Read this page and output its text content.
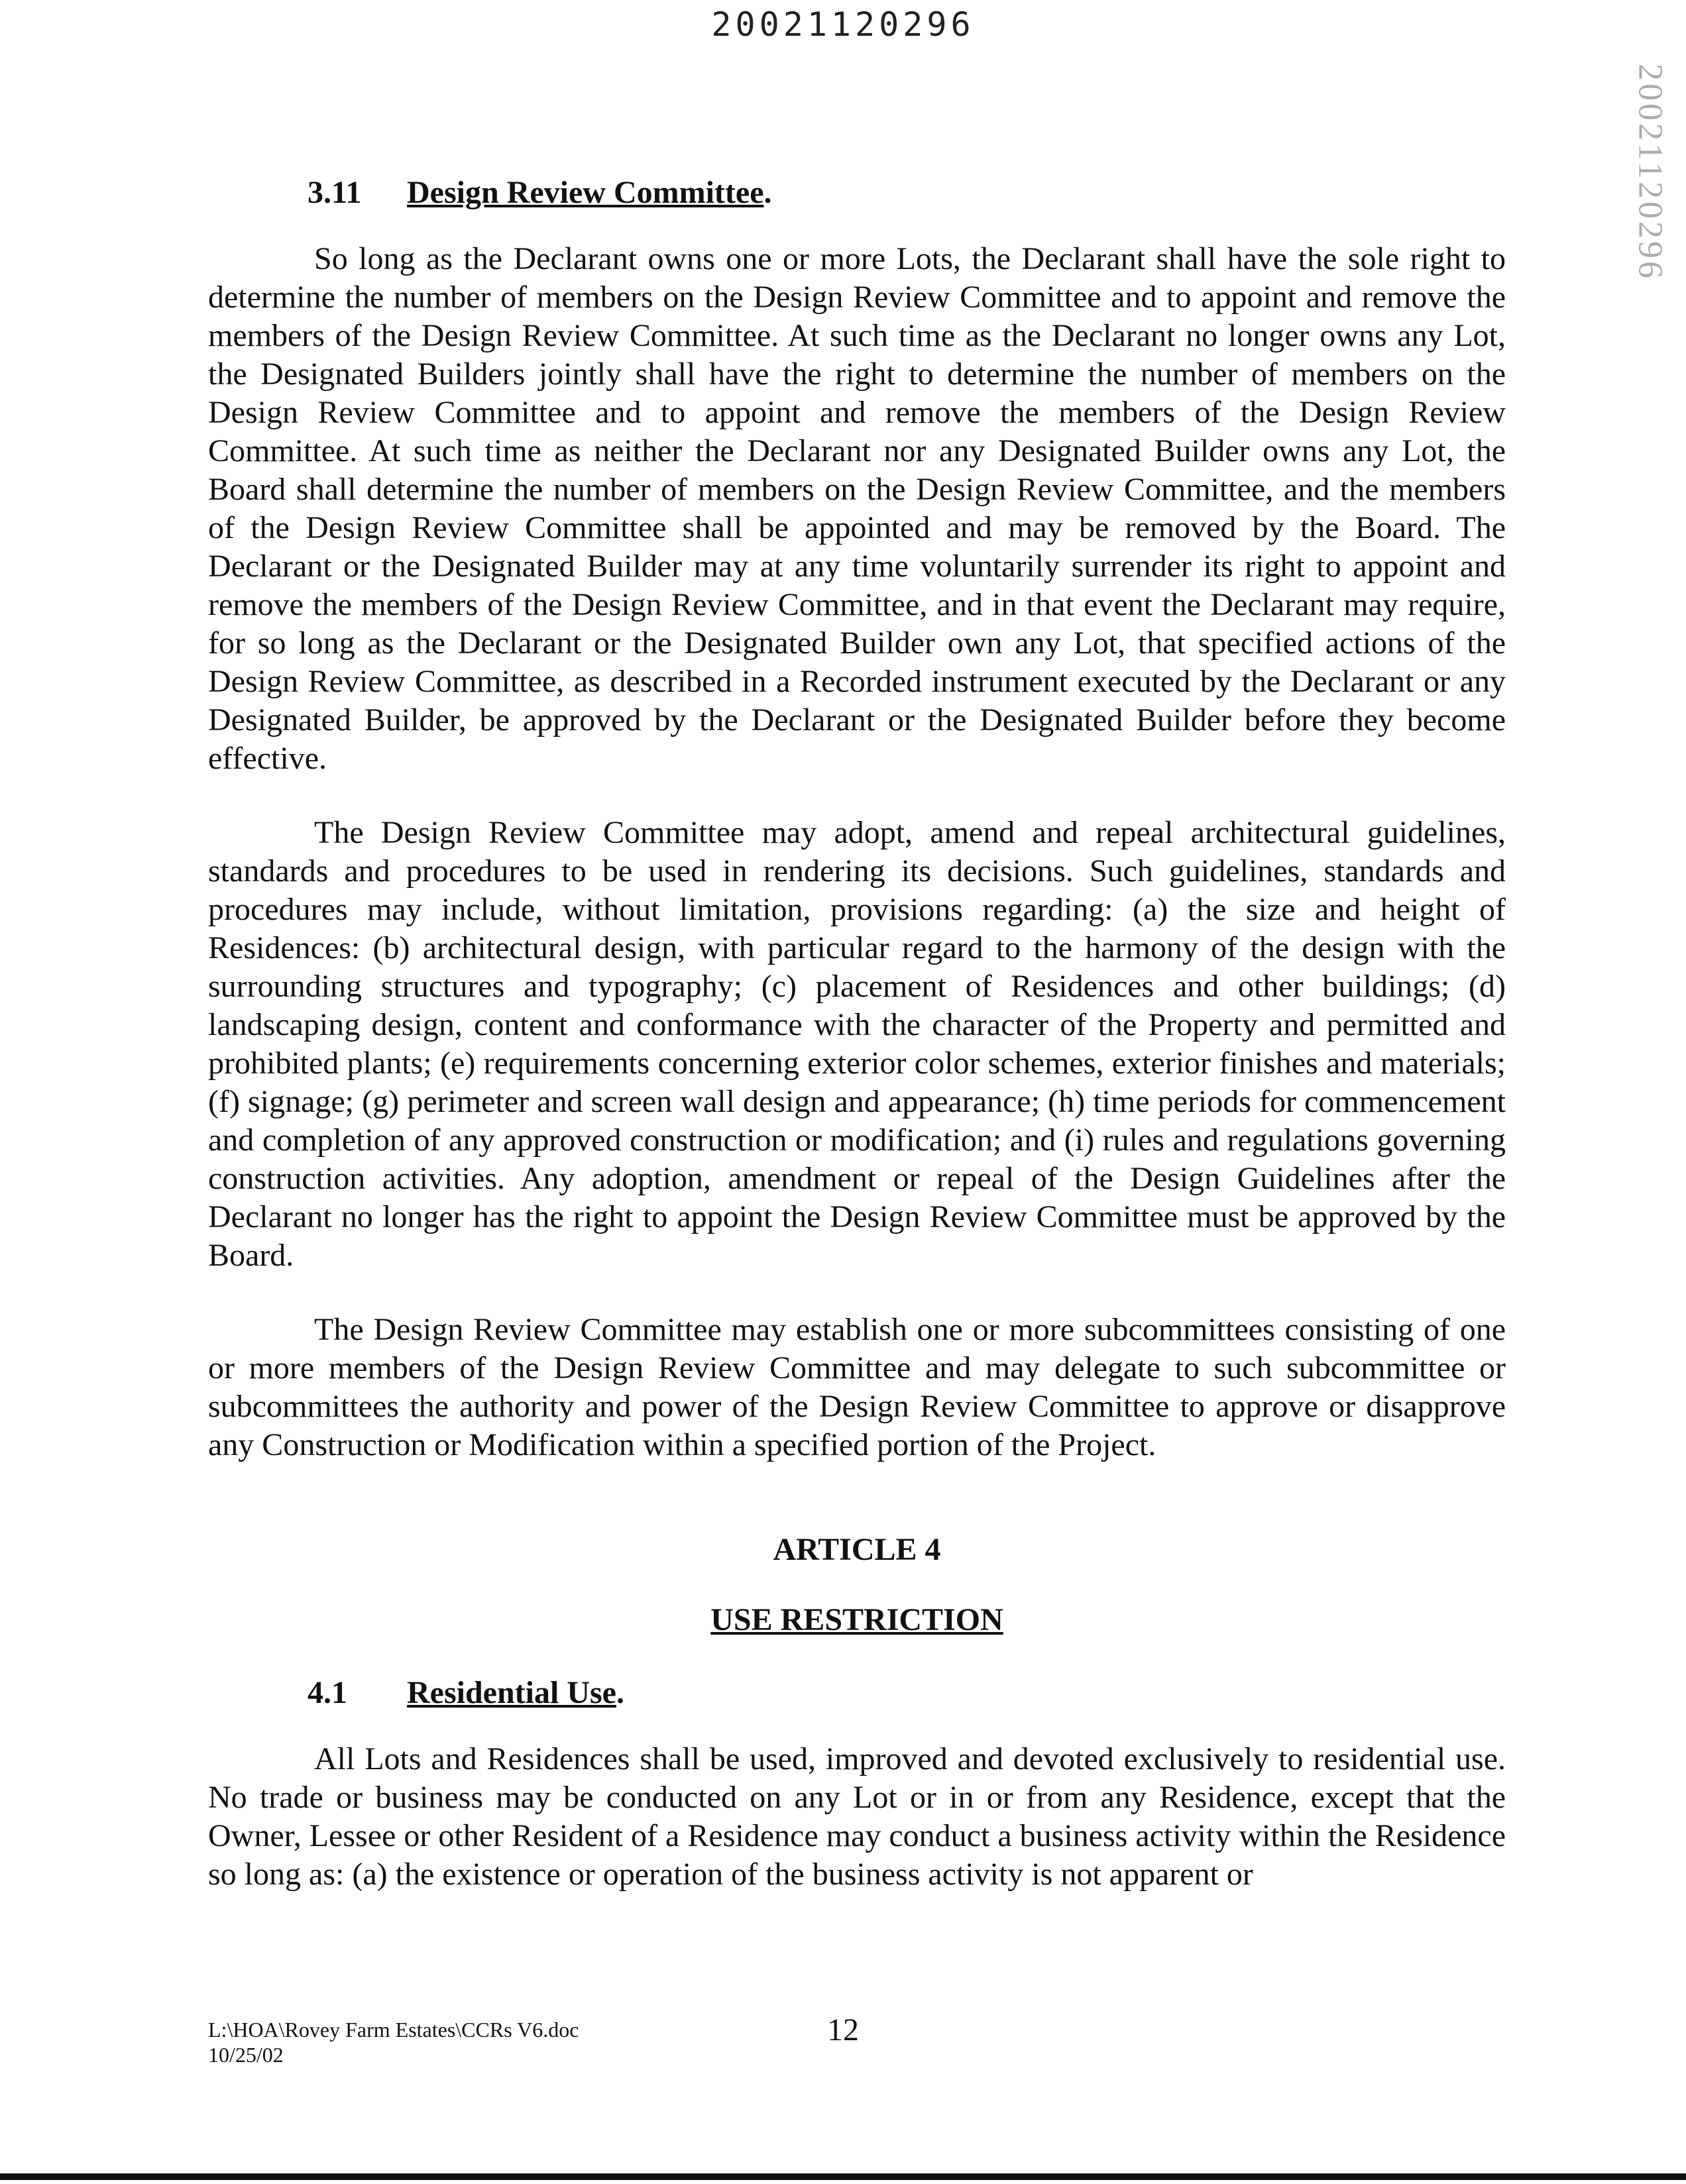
20021120296
20021120296
3.11 Design Review Committee.

So long as the Declarant owns one or more Lots, the Declarant shall have the sole right to determine the number of members on the Design Review Committee and to appoint and remove the members of the Design Review Committee. At such time as the Declarant no longer owns any Lot, the Designated Builders jointly shall have the right to determine the number of members on the Design Review Committee and to appoint and remove the members of the Design Review Committee. At such time as neither the Declarant nor any Designated Builder owns any Lot, the Board shall determine the number of members on the Design Review Committee, and the members of the Design Review Committee shall be appointed and may be removed by the Board. The Declarant or the Designated Builder may at any time voluntarily surrender its right to appoint and remove the members of the Design Review Committee, and in that event the Declarant may require, for so long as the Declarant or the Designated Builder own any Lot, that specified actions of the Design Review Committee, as described in a Recorded instrument executed by the Declarant or any Designated Builder, be approved by the Declarant or the Designated Builder before they become effective.

The Design Review Committee may adopt, amend and repeal architectural guidelines, standards and procedures to be used in rendering its decisions. Such guidelines, standards and procedures may include, without limitation, provisions regarding: (a) the size and height of Residences: (b) architectural design, with particular regard to the harmony of the design with the surrounding structures and typography; (c) placement of Residences and other buildings; (d) landscaping design, content and conformance with the character of the Property and permitted and prohibited plants; (e) requirements concerning exterior color schemes, exterior finishes and materials; (f) signage; (g) perimeter and screen wall design and appearance; (h) time periods for commencement and completion of any approved construction or modification; and (i) rules and regulations governing construction activities. Any adoption, amendment or repeal of the Design Guidelines after the Declarant no longer has the right to appoint the Design Review Committee must be approved by the Board.

The Design Review Committee may establish one or more subcommittees consisting of one or more members of the Design Review Committee and may delegate to such subcommittee or subcommittees the authority and power of the Design Review Committee to approve or disapprove any Construction or Modification within a specified portion of the Project.

ARTICLE 4
USE RESTRICTION
4.1 Residential Use.

All Lots and Residences shall be used, improved and devoted exclusively to residential use. No trade or business may be conducted on any Lot or in or from any Residence, except that the Owner, Lessee or other Resident of a Residence may conduct a business activity within the Residence so long as: (a) the existence or operation of the business activity is not apparent or

L:\HOA\Rovey Farm Estates\CCRs V6.doc
10/25/02
12
